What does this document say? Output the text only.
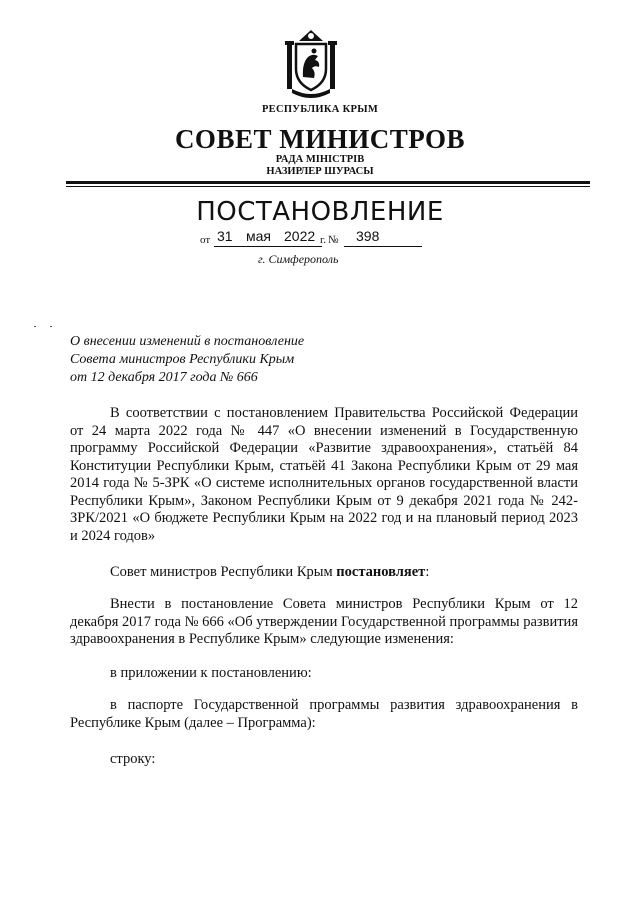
РЕСПУБЛИКА КРЫМ
СОВЕТ МИНИСТРОВ
РАДА МІНІСТРІВ
НАЗИРЛЕР ШУРАСЫ
ПОСТАНОВЛЕНИЕ
от 31 мая 2022 г. № 398
г. Симферополь
О внесении изменений в постановление
Совета министров Республики Крым
от 12 декабря 2017 года № 666
В соответствии с постановлением Правительства Российской Федерации от 24 марта 2022 года № 447 «О внесении изменений в Государственную программу Российской Федерации «Развитие здравоохранения», статьёй 84 Конституции Республики Крым, статьёй 41 Закона Республики Крым от 29 мая 2014 года № 5-ЗРК «О системе исполнительных органов государственной власти Республики Крым», Законом Республики Крым от 9 декабря 2021 года № 242-ЗРК/2021 «О бюджете Республики Крым на 2022 год и на плановый период 2023 и 2024 годов»
Совет министров Республики Крым постановляет:
Внести в постановление Совета министров Республики Крым от 12 декабря 2017 года № 666 «Об утверждении Государственной программы развития здравоохранения в Республике Крым» следующие изменения:
в приложении к постановлению:
в паспорте Государственной программы развития здравоохранения в Республике Крым (далее – Программа):
строку:
